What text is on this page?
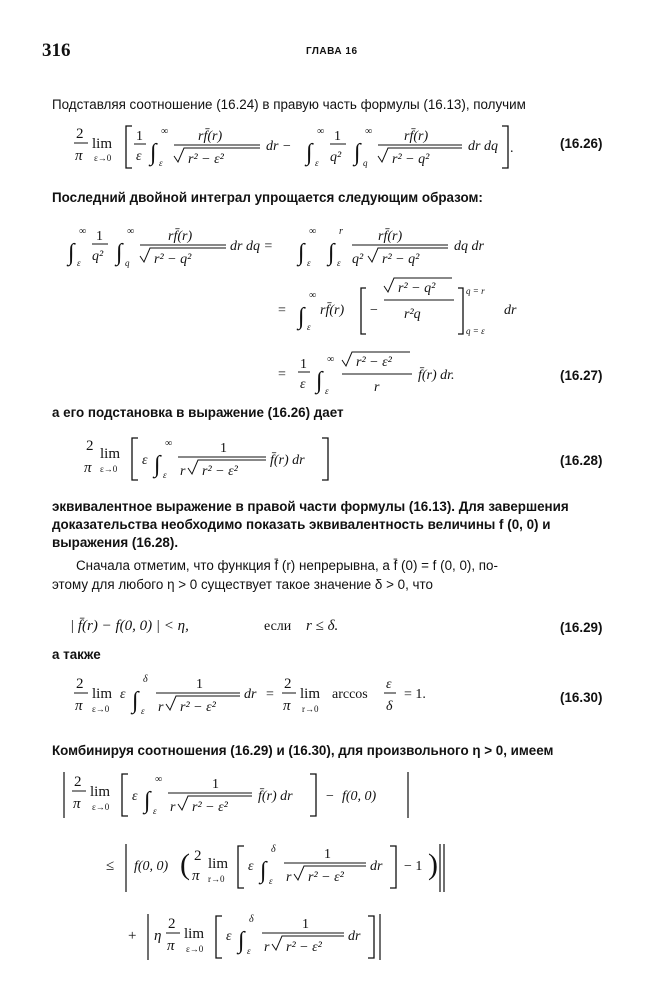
316	ГЛАВА 16
Подставляя соотношение (16.24) в правую часть формулы (16.13), получим
2
π
lim
ε→0
1
ε ∫
∞
ε
rf̄(r)
r² − ε²
dr − ∫
∞
ε
1
q² ∫
∞
q
rf̄(r)
r² − q²
dr dq .	(16.26)
Последний двойной интеграл упрощается следующим образом:
∫
∞
ε
1
q² ∫
∞
q
rf̄(r)
r² − q²
dr dq = ∫
∞
ε ∫
r
ε
rf̄(r)
q² r² − q²
dq dr
= ∫
∞
ε
rf̄(r) −
r² − q²
r²q
q = r
q = ε
dr
=
1
ε ∫
∞
ε
r² − ε²
r
f̄(r) dr.	(16.27)
а его подстановка в выражение (16.26) дает
2 lim
π ε→0
ε ∫
∞
ε
1
r r² − ε²
f̄(r) dr	(16.28)
эквивалентное выражение в правой части формулы (16.13). Для завершения
доказательства необходимо показать эквивалентность величины f (0, 0) и
выражения (16.28).
Сначала отметим, что функция f̄ (r) непрерывна, а f̄ (0) = f (0, 0), по-
этому для любого η > 0 существует такое значение δ > 0, что
| f̄(r) − f(0, 0) | < η,	если r ≤ δ.	(16.29)
а также
2
π
lim
ε→0
ε ∫
δ
ε
1
r r² − ε²
dr =
2
π
lim
r→0
arccos
ε
δ
= 1.	(16.30)
Комбинируя соотношения (16.29) и (16.30), для произвольного η > 0, имеем
2
π
lim
ε→0
ε ∫
∞
ε
1
r r² − ε²
f̄(r) dr − f(0, 0)
≤ f(0, 0) ( 2
π
lim
r→0
ε ∫
δ
ε
1
r r² − ε²
dr − 1 )
+ η
2
π
lim
ε→0
ε ∫
δ
ε
1
r r² − ε²
dr
